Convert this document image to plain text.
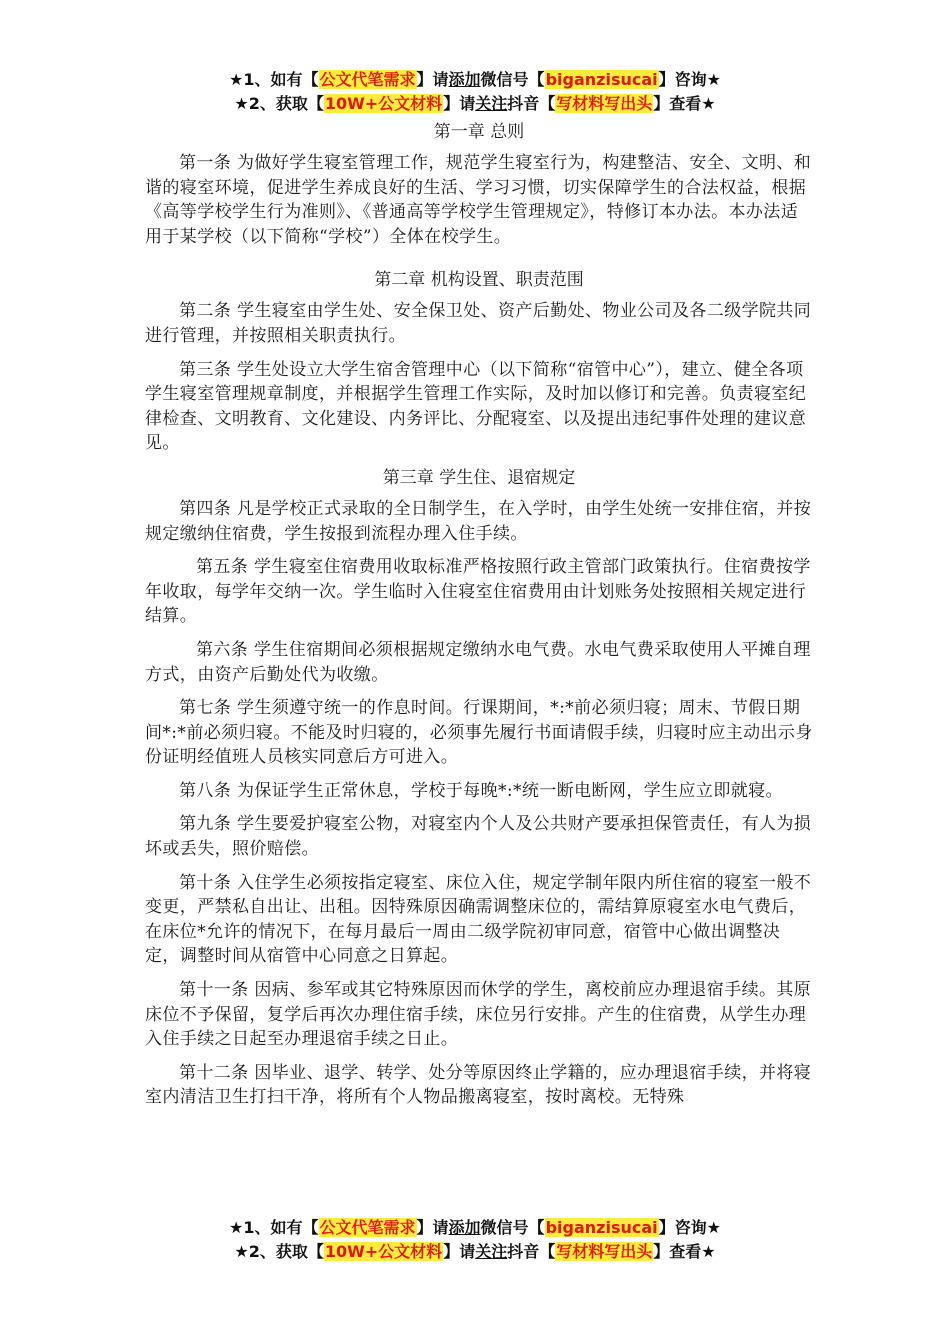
★1、如有【公文代笔需求】请添加微信号【biganzisucai】咨询★
★2、获取【10W+公文材料】请关注抖音【写材料写出头】查看★

第一章 总则

第一条 为做好学生寝室管理工作，规范学生寝室行为，构建整洁、安全、文明、和谐的寝室环境，促进学生养成良好的生活、学习习惯，切实保障学生的合法权益，根据《高等学校学生行为准则》、《普通高等学校学生管理规定》，特修订本办法。本办法适用于某学校（以下简称“学校”）全体在校学生。

第二章 机构设置、职责范围

第二条 学生寝室由学生处、安全保卫处、资产后勤处、物业公司及各二级学院共同进行管理，并按照相关职责执行。

第三条 学生处设立大学生宿舍管理中心（以下简称“宿管中心”），建立、健全各项学生寝室管理规章制度，并根据学生管理工作实际，及时加以修订和完善。负责寝室纪律检查、文明教育、文化建设、内务评比、分配寝室、以及提出违纪事件处理的建议意见。

第三章 学生住、退宿规定

第四条 凡是学校正式录取的全日制学生，在入学时，由学生处统一安排住宿，并按规定缴纳住宿费，学生按报到流程办理入住手续。

第五条 学生寝室住宿费用收取标准严格按照行政主管部门政策执行。住宿费按学年收取，每学年交纳一次。学生临时入住寝室住宿费用由计划账务处按照相关规定进行结算。

第六条 学生住宿期间必须根据规定缴纳水电气费。水电气费采取使用人平摊自理方式，由资产后勤处代为收缴。

第七条 学生须遵守统一的作息时间。行课期间，*:*前必须归寝；周末、节假日期间*:*前必须归寝。不能及时归寝的，必须事先履行书面请假手续，归寝时应主动出示身份证明经值班人员核实同意后方可进入。

第八条 为保证学生正常休息，学校于每晚*:*统一断电断网，学生应立即就寝。

第九条 学生要爱护寝室公物，对寝室内个人及公共财产要承担保管责任，有人为损坏或丢失，照价赔偿。

第十条 入住学生必须按指定寝室、床位入住，规定学制年限内所住宿的寝室一般不变更，严禁私自出让、出租。因特殊原因确需调整床位的，需结算原寝室水电气费后，在床位*允许的情况下，在每月最后一周由二级学院初审同意，宿管中心做出调整决定，调整时间从宿管中心同意之日算起。

第十一条 因病、参军或其它特殊原因而休学的学生，离校前应办理退宿手续。其原床位不予保留，复学后再次办理住宿手续，床位另行安排。产生的住宿费，从学生办理入住手续之日起至办理退宿手续之日止。

第十二条 因毕业、退学、转学、处分等原因终止学籍的，应办理退宿手续，并将寝室内清洁卫生打扫干净，将所有个人物品搬离寝室，按时离校。无特殊

★1、如有【公文代笔需求】请添加微信号【biganzisucai】咨询★
★2、获取【10W+公文材料】请关注抖音【写材料写出头】查看★
